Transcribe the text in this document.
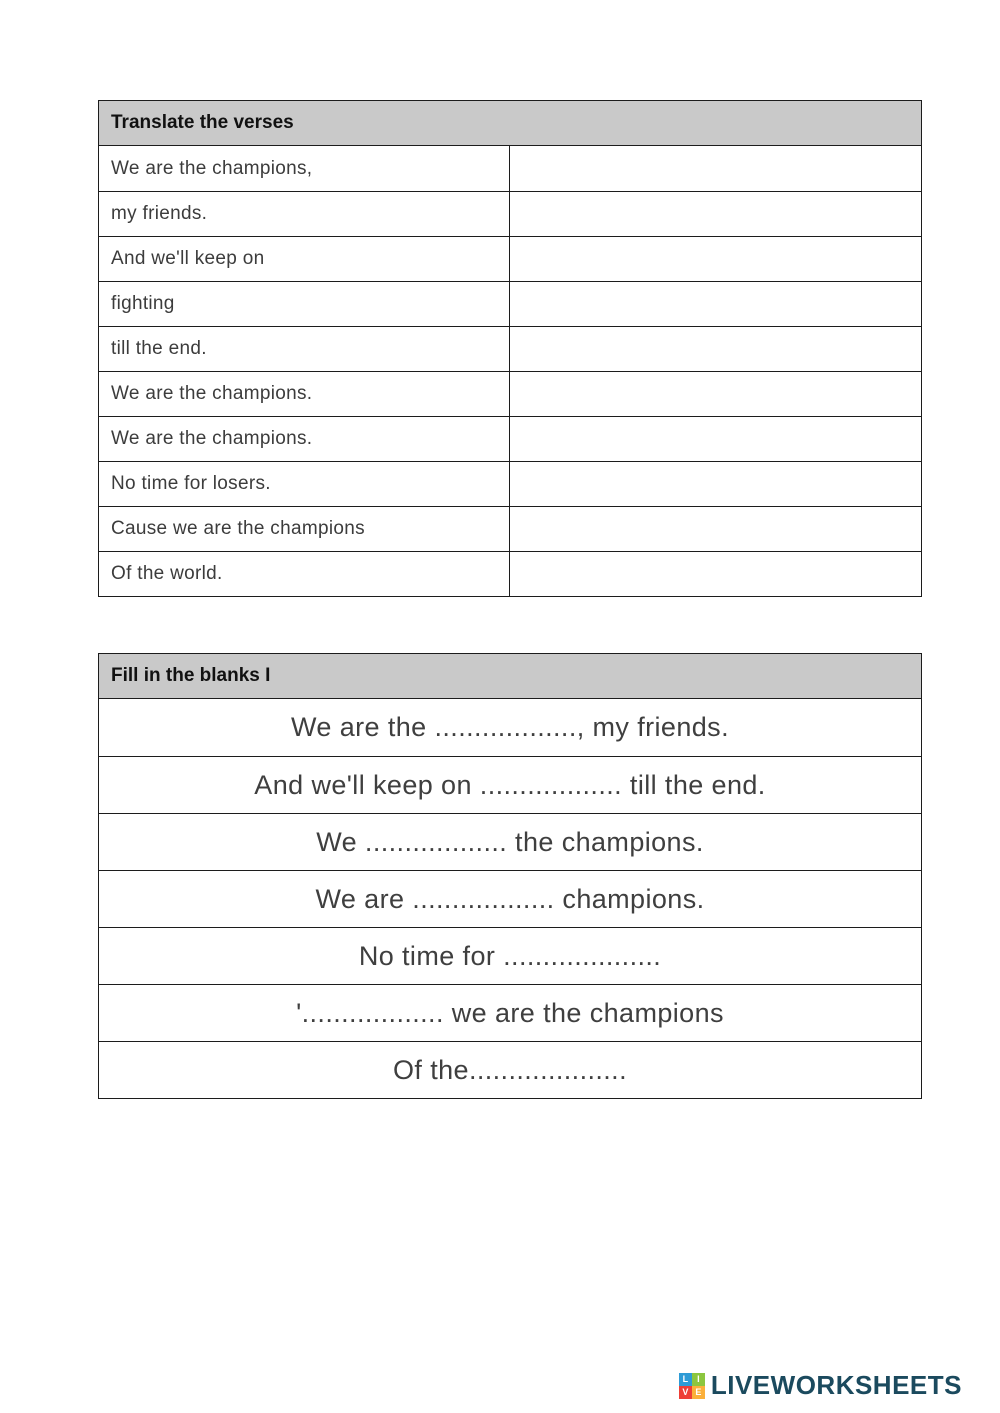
Translate the verses
We are the champions,
my friends.
And we'll keep on
fighting
till the end.
We are the champions.
We are the champions.
No time for losers.
Cause we are the champions
Of the world.
Fill in the blanks I
We are the .................., my friends.
And we'll keep on .................. till the end.
We .................. the champions.
We are .................. champions.
No time for ....................
'.................. we are the champions
Of the....................
L I
V E LIVEWORKSHEETS
